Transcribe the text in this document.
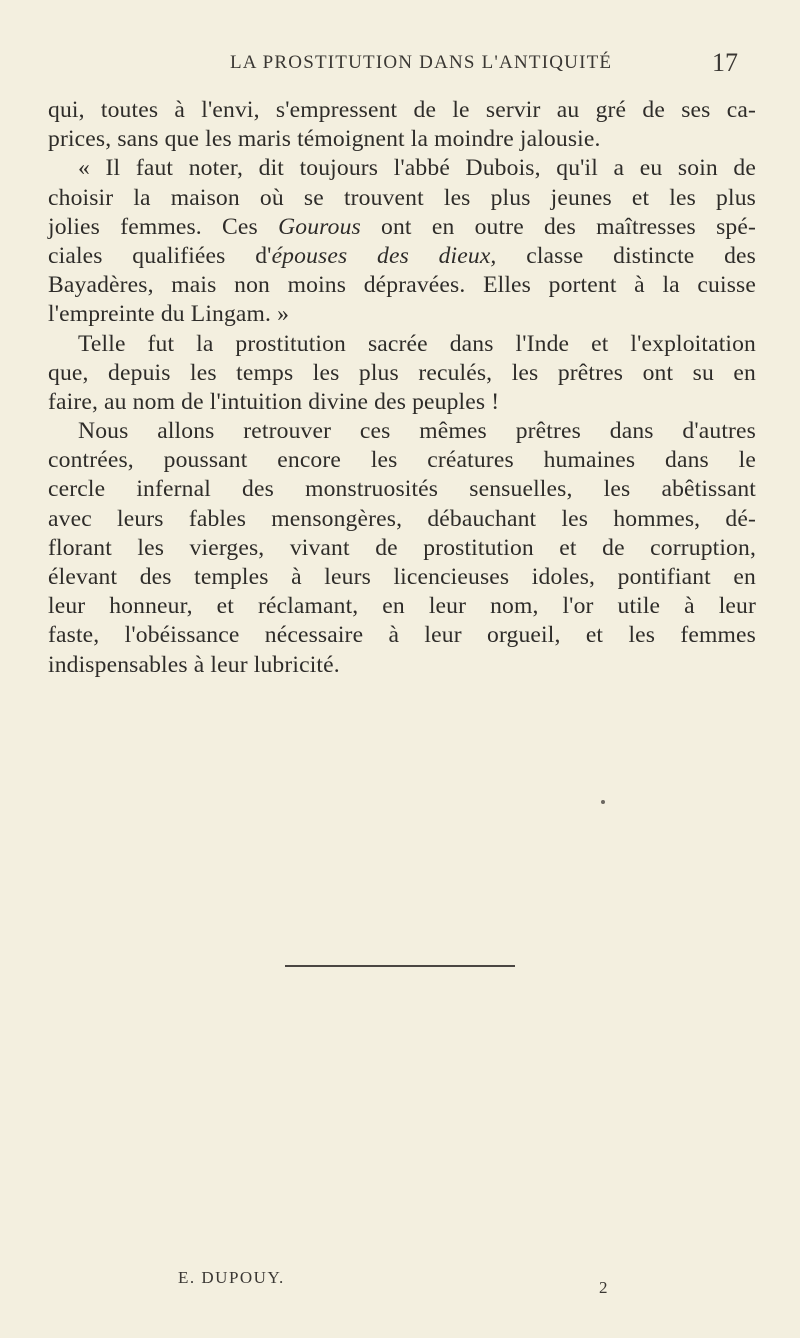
LA PROSTITUTION DANS L'ANTIQUITÉ	17
qui, toutes à l'envi, s'empressent de le servir au gré de ses ca-
prices, sans que les maris témoignent la moindre jalousie.
« Il faut noter, dit toujours l'abbé Dubois, qu'il a eu soin de
choisir la maison où se trouvent les plus jeunes et les plus
jolies femmes. Ces Gourous ont en outre des maîtresses spé-
ciales qualifiées d'épouses des dieux, classe distincte des
Bayadères, mais non moins dépravées. Elles portent à la cuisse
l'empreinte du Lingam. »
Telle fut la prostitution sacrée dans l'Inde et l'exploitation
que, depuis les temps les plus reculés, les prêtres ont su en
faire, au nom de l'intuition divine des peuples !
Nous allons retrouver ces mêmes prêtres dans d'autres
contrées, poussant encore les créatures humaines dans le
cercle infernal des monstruosités sensuelles, les abêtissant
avec leurs fables mensongères, débauchant les hommes, dé-
florant les vierges, vivant de prostitution et de corruption,
élevant des temples à leurs licencieuses idoles, pontifiant en
leur honneur, et réclamant, en leur nom, l'or utile à leur
faste, l'obéissance nécessaire à leur orgueil, et les femmes
indispensables à leur lubricité.
E. DUPOUY.
2
